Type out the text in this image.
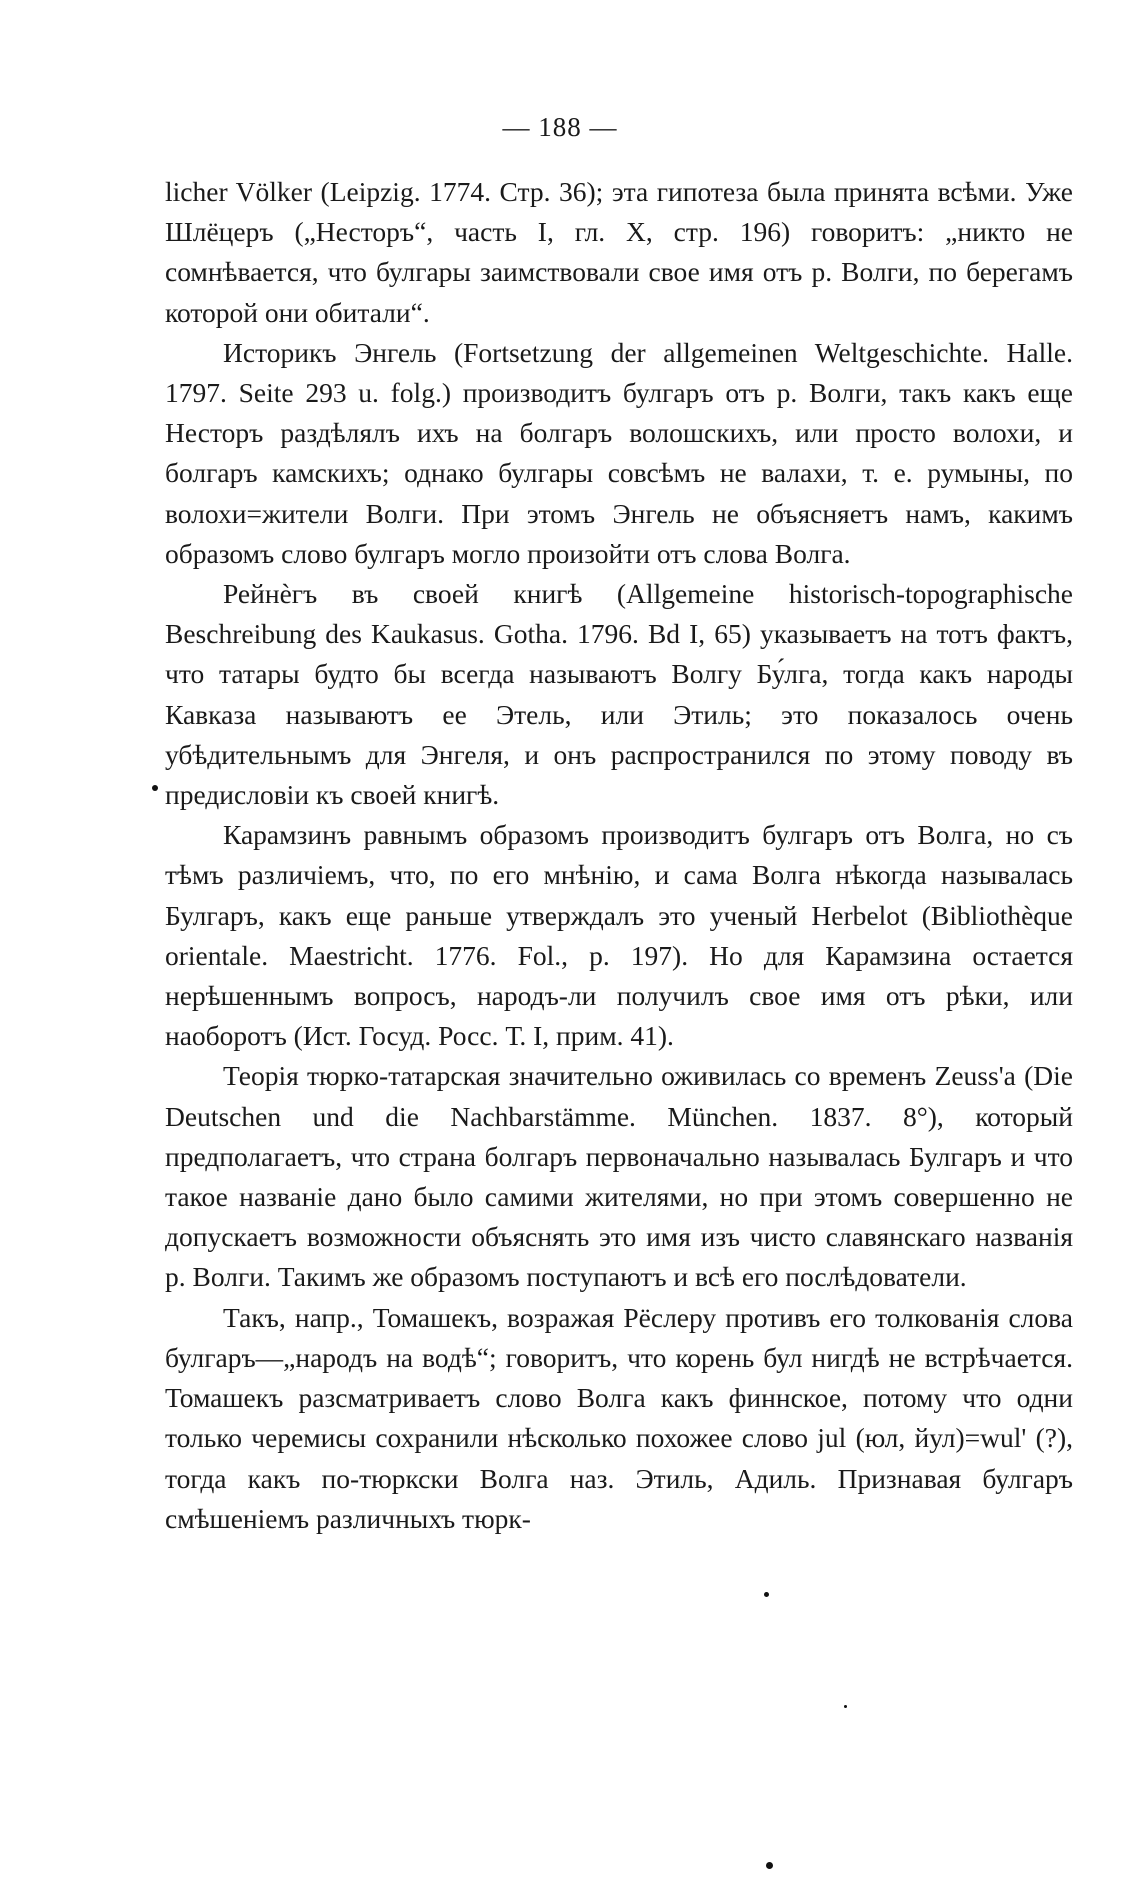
— 188 —

licher Völker (Leipzig. 1774. Стр. 36); эта гипотеза была принята всѣми. Уже Шлёцеръ („Несторъ“, часть I, гл. X, стр. 196) говоритъ: „никто не сомнѣвается, что булгары заимствовали свое имя отъ р. Волги, по берегамъ которой они обитали“.

Историкъ Энгель (Fortsetzung der allgemeinen Weltgeschichte. Halle. 1797. Seite 293 u. folg.) производитъ булгаръ отъ р. Волги, такъ какъ еще Несторъ раздѣлялъ ихъ на болгаръ волошскихъ, или просто волохи, и болгаръ камскихъ; однако булгары совсѣмъ не валахи, т. е. румыны, по волохи=жители Волги. При этомъ Энгель не объясняетъ намъ, какимъ образомъ слово булгаръ могло произойти отъ слова Волга.

Рейнèгъ въ своей книгѣ (Allgemeine historisch-topographische Beschreibung des Kaukasus. Gotha. 1796. Bd I, 65) указываетъ на тотъ фактъ, что татары будто бы всегда называютъ Волгу Бу́лга, тогда какъ народы Кавказа называютъ ее Этель, или Этиль; это показалось очень убѣдительнымъ для Энгеля, и онъ распространился по этому поводу въ предисловіи къ своей книгѣ.

Карамзинъ равнымъ образомъ производитъ булгаръ отъ Волга, но съ тѣмъ различіемъ, что, по его мнѣнію, и сама Волга нѣкогда называлась Булгаръ, какъ еще раньше утверждалъ это ученый Herbelot (Bibliothèque orientale. Maestricht. 1776. Fol., p. 197). Но для Карамзина остается нерѣшеннымъ вопросъ, народъ-ли получилъ свое имя отъ рѣки, или наоборотъ (Ист. Госуд. Росс. Т. I, прим. 41).

Теорія тюрко-татарская значительно оживилась со временъ Zeuss'a (Die Deutschen und die Nachbarstämme. München. 1837. 8°), который предполагаетъ, что страна болгаръ первоначально называлась Булгаръ и что такое названіе дано было самими жителями, но при этомъ совершенно не допускаетъ возможности объяснять это имя изъ чисто славянскаго названія р. Волги. Такимъ же образомъ поступаютъ и всѣ его послѣдователи.

Такъ, напр., Томашекъ, возражая Рёслеру противъ его толкованія слова булгаръ—„народъ на водѣ“; говоритъ, что корень бул нигдѣ не встрѣчается. Томашекъ разсматриваетъ слово Волга какъ финнское, потому что одни только черемисы сохранили нѣсколько похожее слово jul (юл, йул)=wul' (?), тогда какъ по-тюркски Волга наз. Этиль, Адиль. Признавая булгаръ смѣшеніемъ различныхъ тюрк-
